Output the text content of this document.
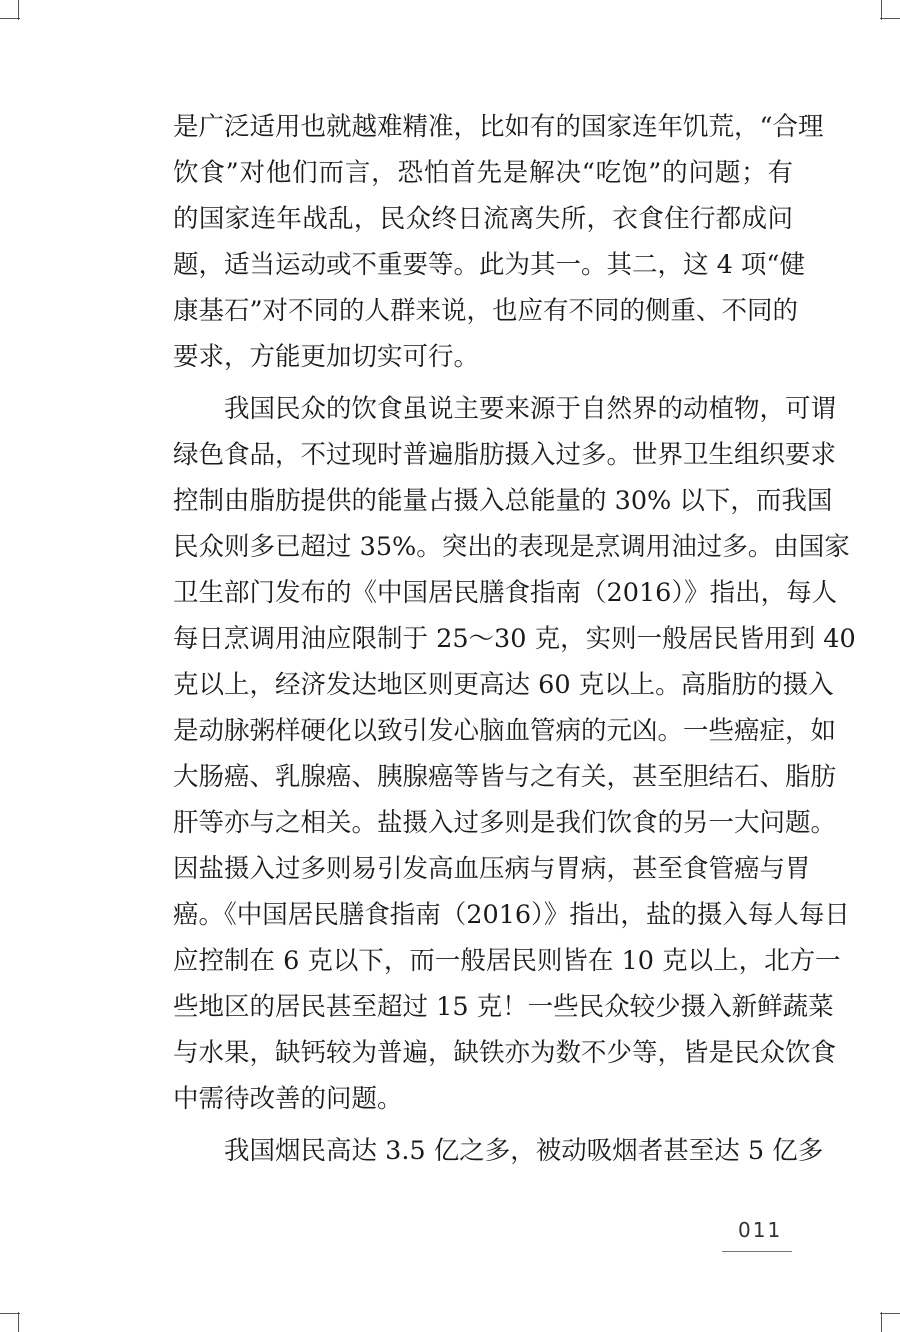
是广泛适用也就越难精准，比如有的国家连年饥荒，“合理
饮食”对他们而言，恐怕首先是解决“吃饱”的问题；有
的国家连年战乱，民众终日流离失所，衣食住行都成问
题，适当运动或不重要等。此为其一。其二，这 4 项“健
康基石”对不同的人群来说，也应有不同的侧重、不同的
要求，方能更加切实可行。
　　我国民众的饮食虽说主要来源于自然界的动植物，可谓
绿色食品，不过现时普遍脂肪摄入过多。世界卫生组织要求
控制由脂肪提供的能量占摄入总能量的 30% 以下，而我国
民众则多已超过 35%。突出的表现是烹调用油过多。由国家
卫生部门发布的《中国居民膳食指南（2016）》指出，每人
每日烹调用油应限制于 25～30 克，实则一般居民皆用到 40
克以上，经济发达地区则更高达 60 克以上。高脂肪的摄入
是动脉粥样硬化以致引发心脑血管病的元凶。一些癌症，如
大肠癌、乳腺癌、胰腺癌等皆与之有关，甚至胆结石、脂肪
肝等亦与之相关。盐摄入过多则是我们饮食的另一大问题。
因盐摄入过多则易引发高血压病与胃病，甚至食管癌与胃
癌。《中国居民膳食指南（2016）》指出，盐的摄入每人每日
应控制在 6 克以下，而一般居民则皆在 10 克以上，北方一
些地区的居民甚至超过 15 克！一些民众较少摄入新鲜蔬菜
与水果，缺钙较为普遍，缺铁亦为数不少等，皆是民众饮食
中需待改善的问题。
　　我国烟民高达 3.5 亿之多，被动吸烟者甚至达 5 亿多
011
